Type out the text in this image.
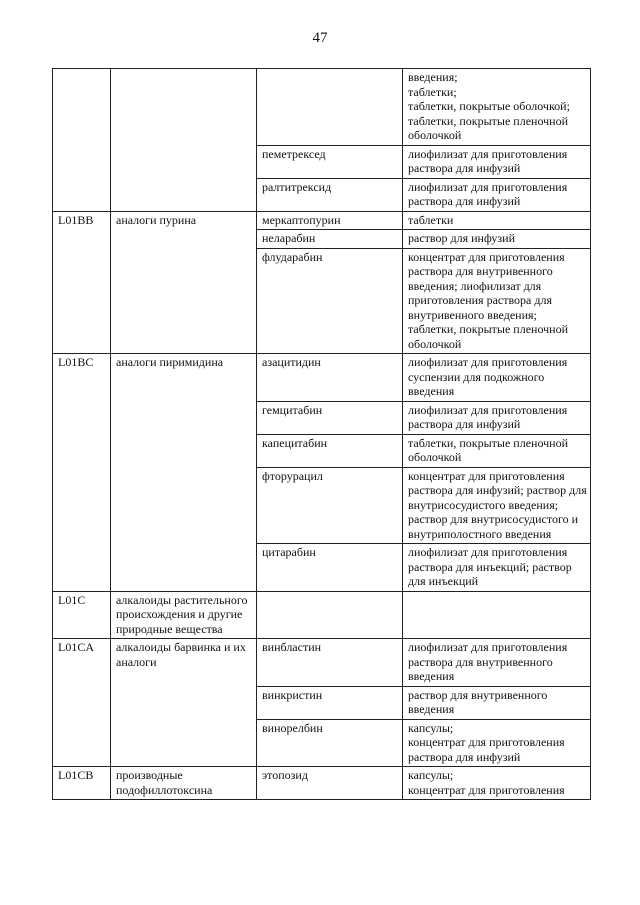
47
			введения;
таблетки;
таблетки, покрытые оболочкой;
таблетки, покрытые пленочной оболочкой
		пеметрексед	лиофилизат для приготовления раствора для инфузий
		ралтитрексид	лиофилизат для приготовления раствора для инфузий
L01BB	аналоги пурина	меркаптопурин	таблетки
		неларабин	раствор для инфузий
		флударабин	концентрат для приготовления раствора для внутривенного введения; лиофилизат для приготовления раствора для внутривенного введения;
таблетки, покрытые пленочной оболочкой
L01BC	аналоги пиримидина	азацитидин	лиофилизат для приготовления суспензии для подкожного введения
		гемцитабин	лиофилизат для приготовления раствора для инфузий
		капецитабин	таблетки, покрытые пленочной оболочкой
		фторурацил	концентрат для приготовления раствора для инфузий; раствор для внутрисосудистого введения; раствор для внутрисосудистого и внутриполостного введения
		цитарабин	лиофилизат для приготовления раствора для инъекций; раствор для инъекций
L01C	алкалоиды растительного происхождения и другие природные вещества		
L01CA	алкалоиды барвинка и их аналоги	винбластин	лиофилизат для приготовления раствора для внутривенного введения
		винкристин	раствор для внутривенного введения
		винорелбин	капсулы;
концентрат для приготовления раствора для инфузий
L01CB	производные подофиллотоксина	этопозид	капсулы;
концентрат для приготовления
